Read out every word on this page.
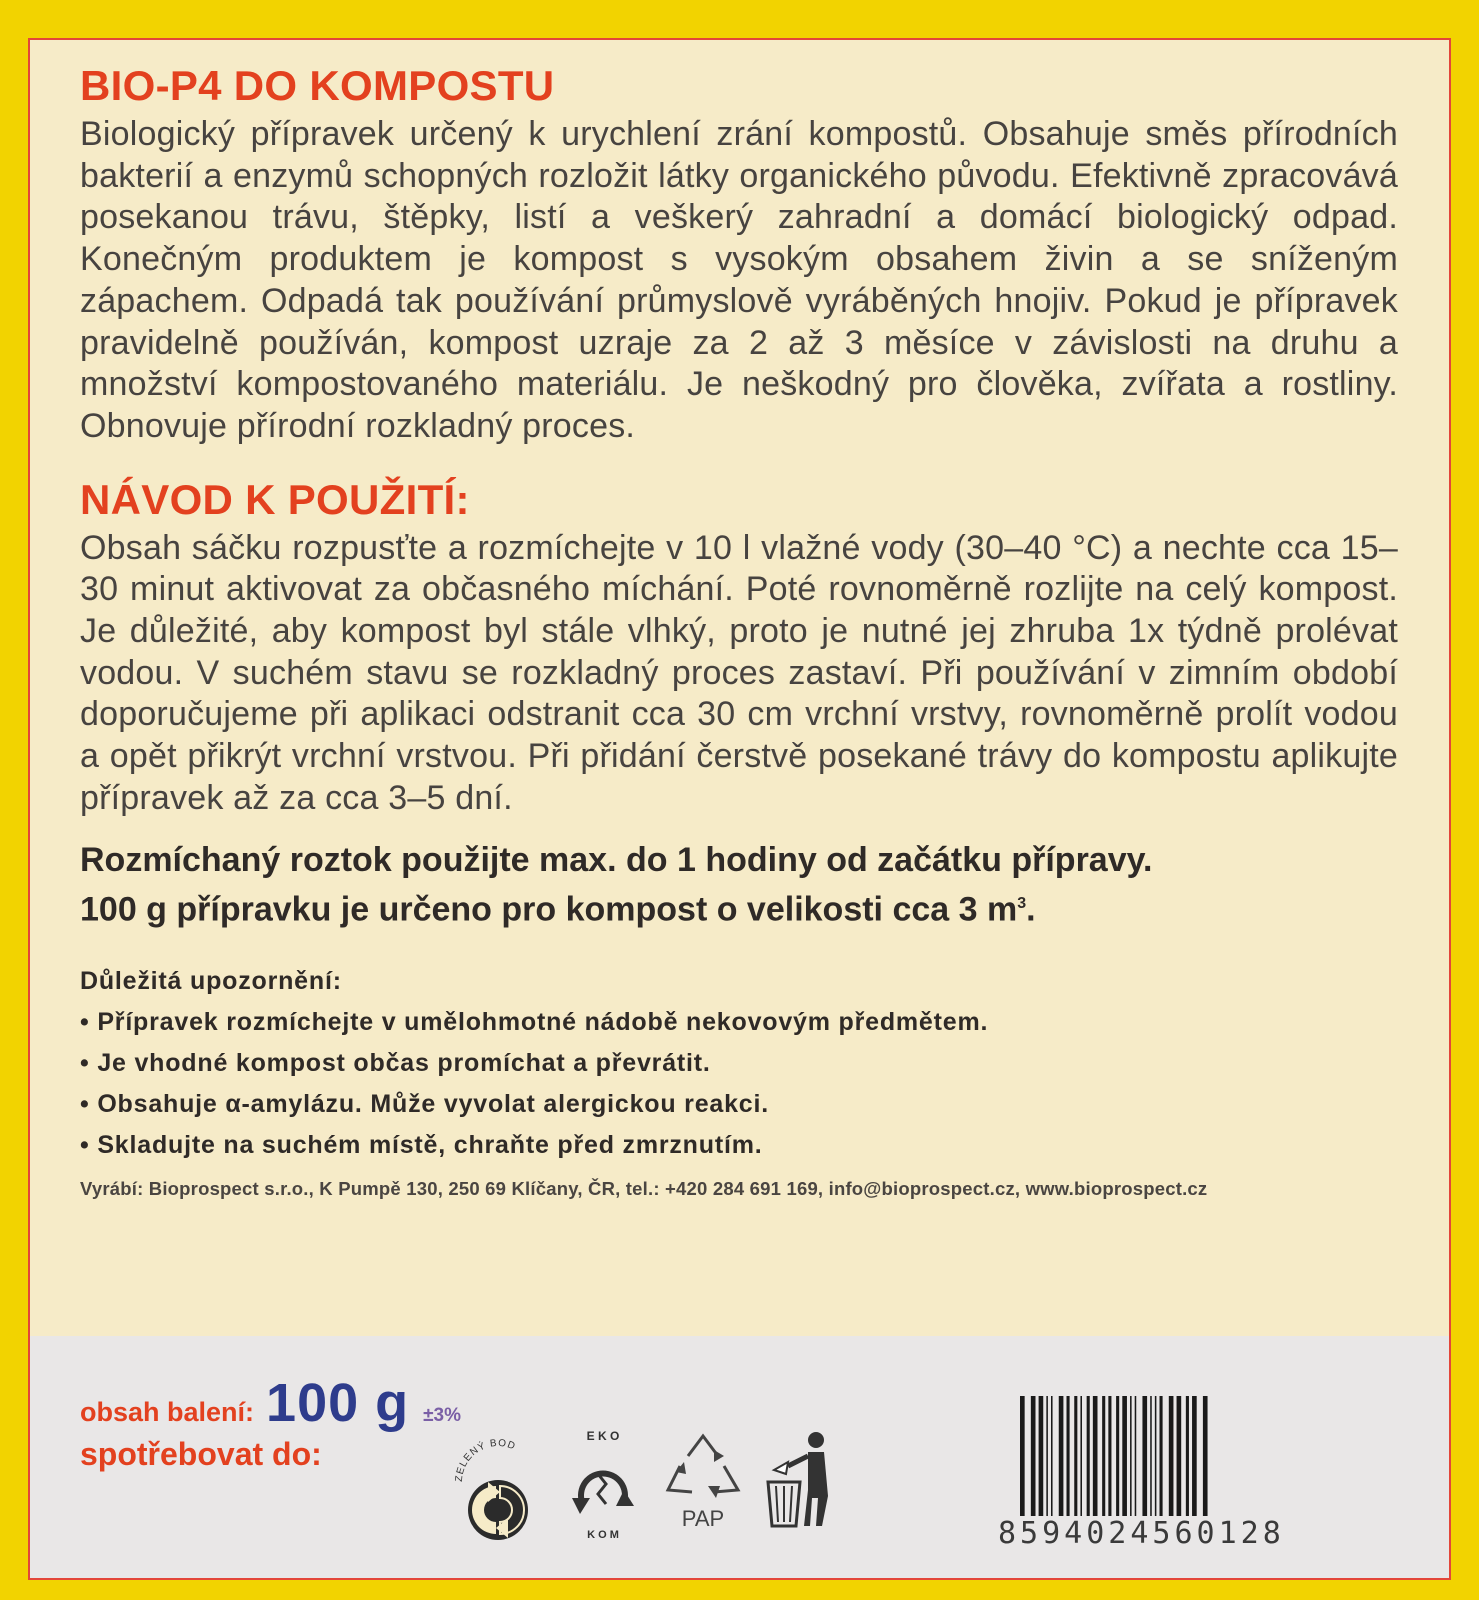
BIO-P4 DO KOMPOSTU

Biologický přípravek určený k urychlení zrání kompostů. Obsahuje směs přírodních bakterií a enzymů schopných rozložit látky organického původu. Efektivně zpracovává posekanou trávu, štěpky, listí a veškerý zahradní a domácí biologický odpad. Konečným produktem je kompost s vysokým obsahem živin a se sníženým zápachem. Odpadá tak používání průmyslově vyráběných hnojiv. Pokud je přípravek pravidelně používán, kompost uzraje za 2 až 3 měsíce v závislosti na druhu a množství kompostovaného materiálu. Je neškodný pro člověka, zvířata a rostliny. Obnovuje přírodní rozkladný proces.

NÁVOD K POUŽITÍ:

Obsah sáčku rozpusťte a rozmíchejte v 10 l vlažné vody (30–40 °C) a nechte cca 15–30 minut aktivovat za občasného míchání. Poté rovnoměrně rozlijte na celý kompost. Je důležité, aby kompost byl stále vlhký, proto je nutné jej zhruba 1x týdně prolévat vodou. V suchém stavu se rozkladný proces zastaví. Při používání v zimním období doporučujeme při aplikaci odstranit cca 30 cm vrchní vrstvy, rovnoměrně prolít vodou a opět přikrýt vrchní vrstvou. Při přidání čerstvě posekané trávy do kompostu aplikujte přípravek až za cca 3–5 dní.

Rozmíchaný roztok použijte max. do 1 hodiny od začátku přípravy.
100 g přípravku je určeno pro kompost o velikosti cca 3 $m^3$.
Důležitá upozornění:
• Přípravek rozmíchejte v umělohmotné nádobě nekovovým předmětem.
• Je vhodné kompost občas promíchat a převrátit.
• Obsahuje α-amylázu. Může vyvolat alergickou reakci.
• Skladujte na suchém místě, chraňte před zmrznutím.
Vyrábí: Bioprospect s.r.o., K Pumpě 130, 250 69 Klíčany, ČR, tel.: +420 284 691 169, info@bioprospect.cz, www.bioprospect.cz
obsah balení: 100 g ±3%
spotřebovat do:
ZELENÝ BOD
E K O
K O M
PAP	8594024560128
